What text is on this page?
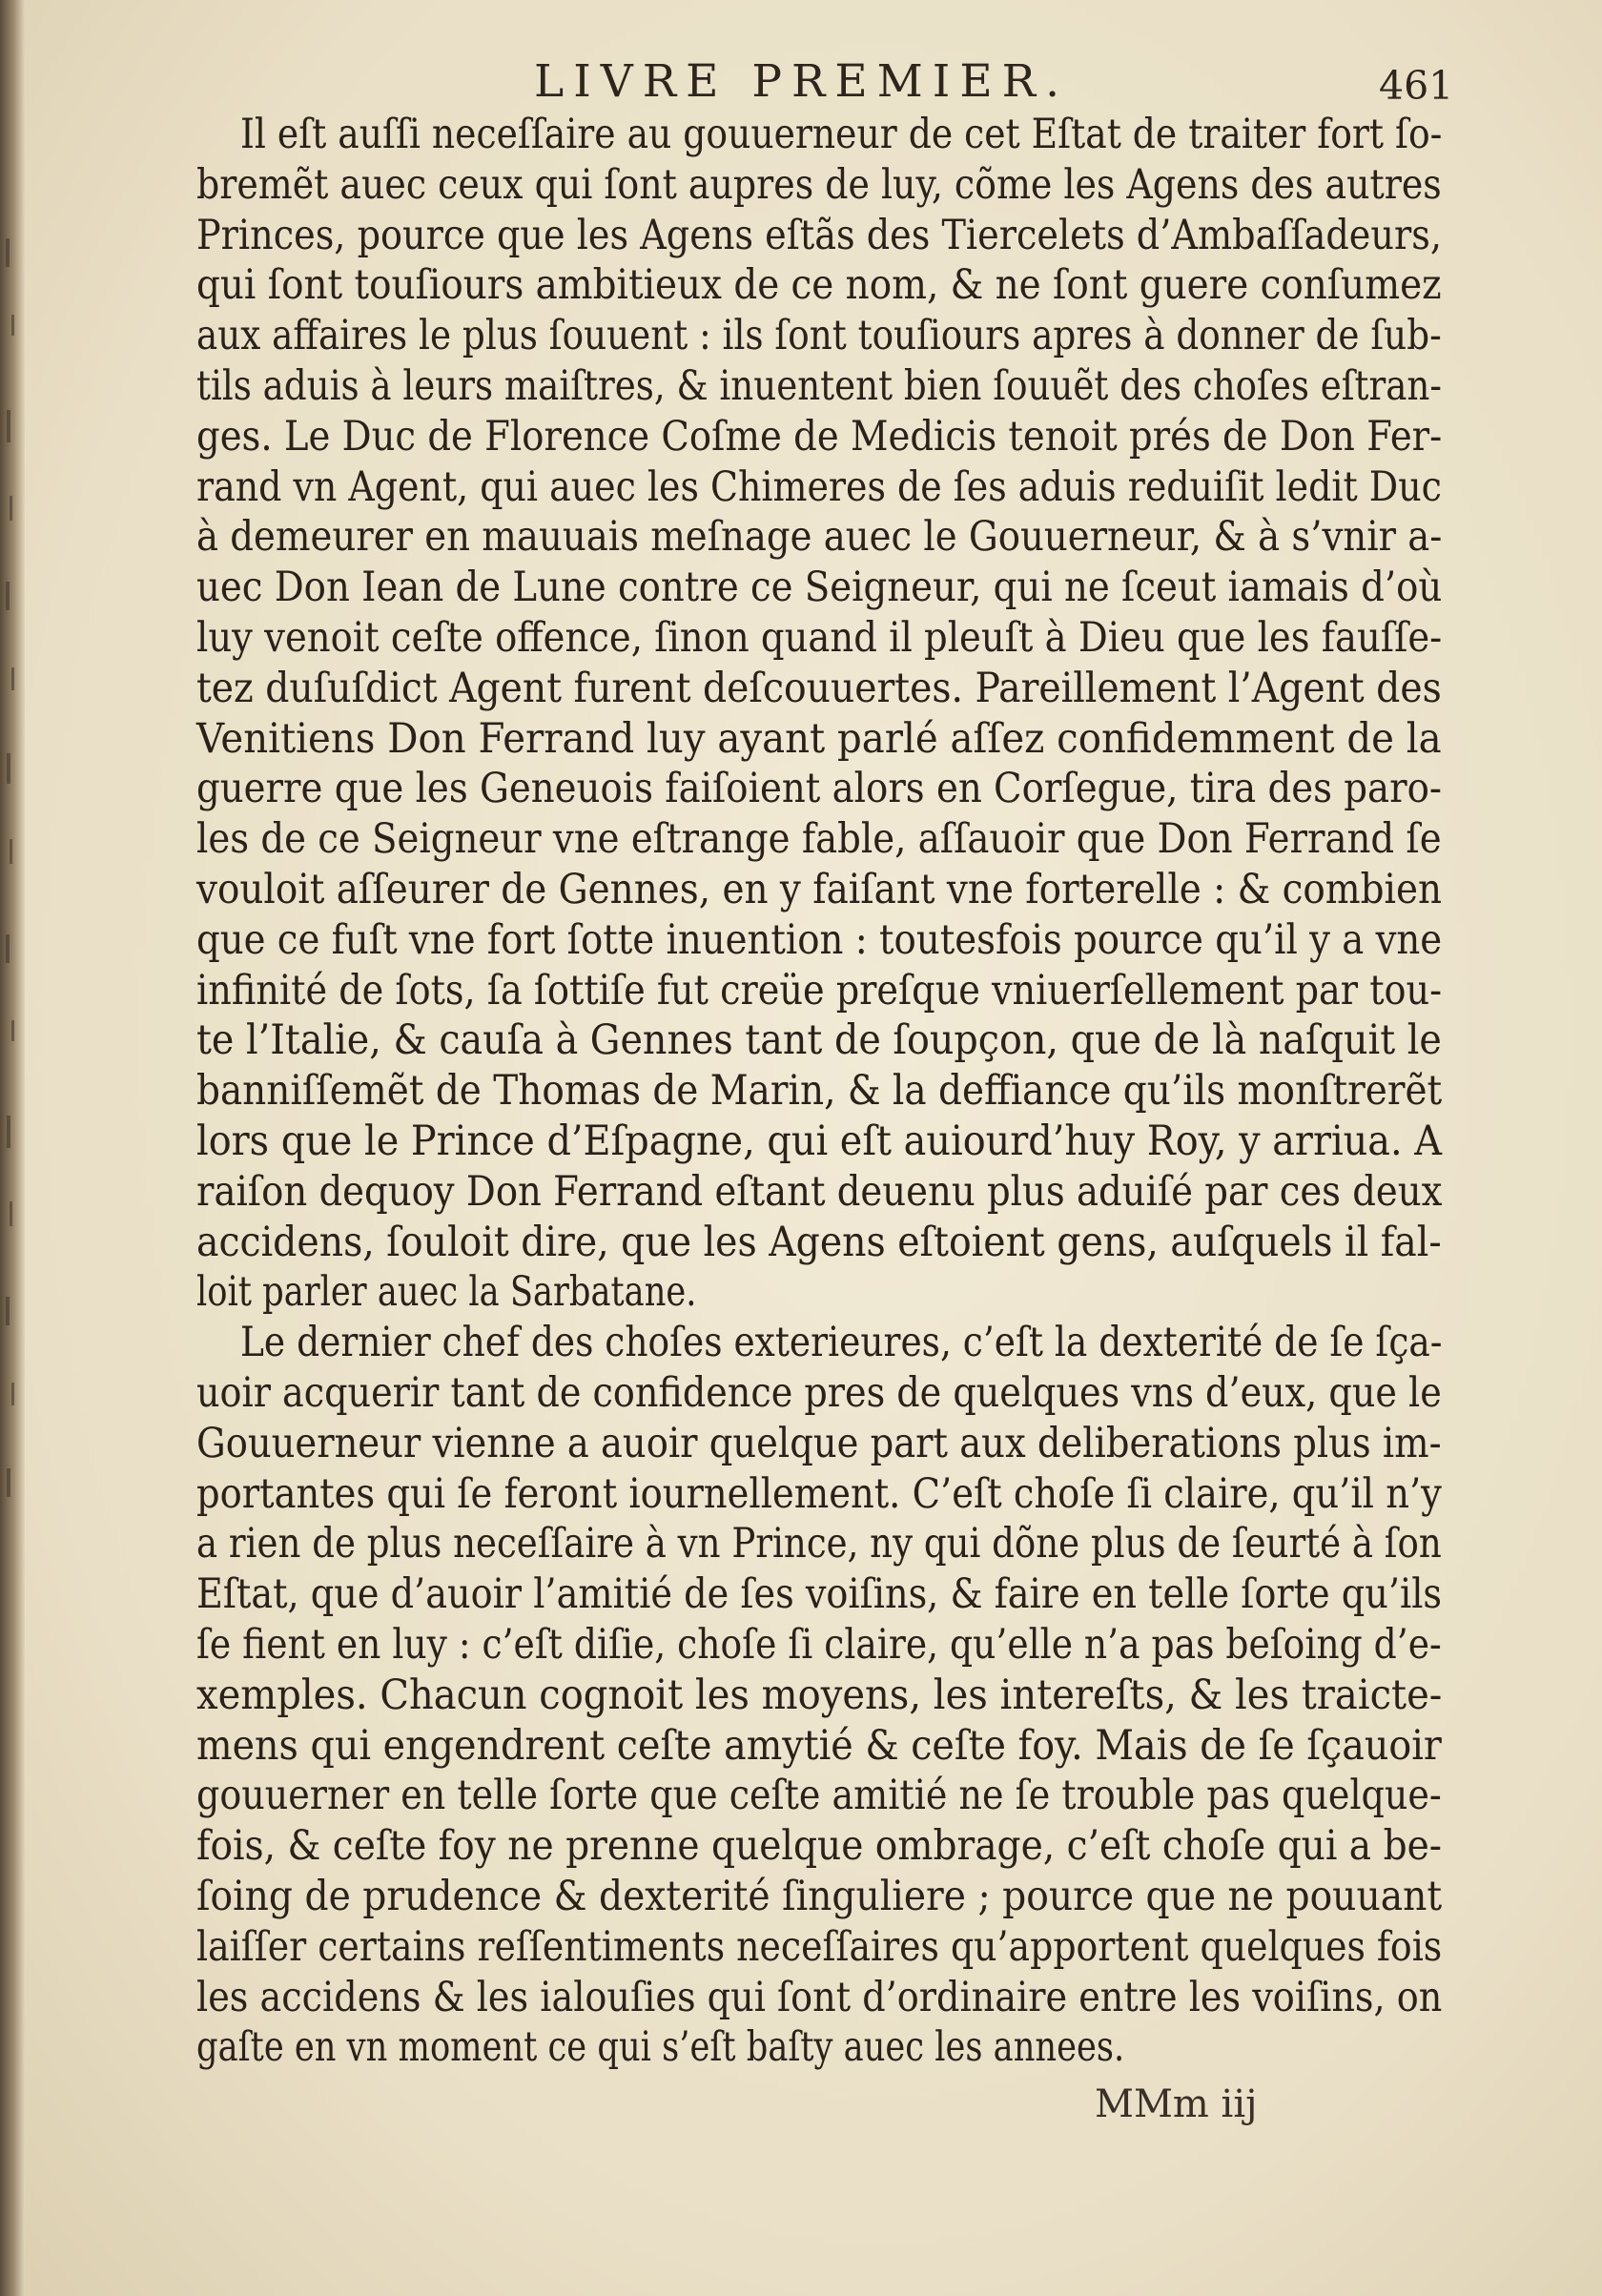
LIVRE PREMIER.	461
Il eſt auſſi neceſſaire au gouuerneur de cet Eſtat de traiter fort ſo-
bremẽt auec ceux qui ſont aupres de luy, cõme les Agens des autres
Princes, pource que les Agens eſtãs des Tiercelets d’Ambaſſadeurs,
qui ſont touſiours ambitieux de ce nom, & ne ſont guere conſumez
aux affaires le plus ſouuent : ils ſont touſiours apres à donner de ſub-
tils aduis à leurs maiſtres, & inuentent bien ſouuẽt des choſes eſtran-
ges. Le Duc de Florence Coſme de Medicis tenoit prés de Don Fer-
rand vn Agent, qui auec les Chimeres de ſes aduis reduiſit ledit Duc
à demeurer en mauuais meſnage auec le Gouuerneur, & à s’vnir a-
uec Don Iean de Lune contre ce Seigneur, qui ne ſceut iamais d’où
luy venoit ceſte offence, ſinon quand il pleuſt à Dieu que les fauſſe-
tez duſuſdict Agent furent deſcouuertes. Pareillement l’Agent des
Venitiens Don Ferrand luy ayant parlé aſſez confidemment de la
guerre que les Geneuois faiſoient alors en Corſegue, tira des paro-
les de ce Seigneur vne eſtrange fable, aſſauoir que Don Ferrand ſe
vouloit aſſeurer de Gennes, en y faiſant vne forterelle : & combien
que ce fuſt vne fort ſotte inuention : toutesfois pource qu’il y a vne
infinité de ſots, ſa ſottiſe fut creüe preſque vniuerſellement par tou-
te l’Italie, & cauſa à Gennes tant de ſoupçon, que de là naſquit le
banniſſemẽt de Thomas de Marin, & la deffiance qu’ils monſtrerẽt
lors que le Prince d’Eſpagne, qui eſt auiourd’huy Roy, y arriua. A
raiſon dequoy Don Ferrand eſtant deuenu plus aduiſé par ces deux
accidens, ſouloit dire, que les Agens eſtoient gens, auſquels il fal-
loit parler auec la Sarbatane.
Le dernier chef des choſes exterieures, c’eſt la dexterité de ſe ſça-
uoir acquerir tant de confidence pres de quelques vns d’eux, que le
Gouuerneur vienne a auoir quelque part aux deliberations plus im-
portantes qui ſe feront iournellement. C’eſt choſe ſi claire, qu’il n’y
a rien de plus neceſſaire à vn Prince, ny qui dõne plus de ſeurté à ſon
Eſtat, que d’auoir l’amitié de ſes voiſins, & faire en telle ſorte qu’ils
ſe fient en luy : c’eſt diſie, choſe ſi claire, qu’elle n’a pas beſoing d’e-
xemples. Chacun cognoit les moyens, les intereſts, & les traicte-
mens qui engendrent ceſte amytié & ceſte foy. Mais de ſe ſçauoir
gouuerner en telle ſorte que ceſte amitié ne ſe trouble pas quelque-
fois, & ceſte foy ne prenne quelque ombrage, c’eſt choſe qui a be-
ſoing de prudence & dexterité ſinguliere ; pource que ne pouuant
laiſſer certains reſſentiments neceſſaires qu’apportent quelques fois
les accidens & les ialouſies qui ſont d’ordinaire entre les voiſins, on
gaſte en vn moment ce qui s’eſt baſty auec les annees.
MMm iij
